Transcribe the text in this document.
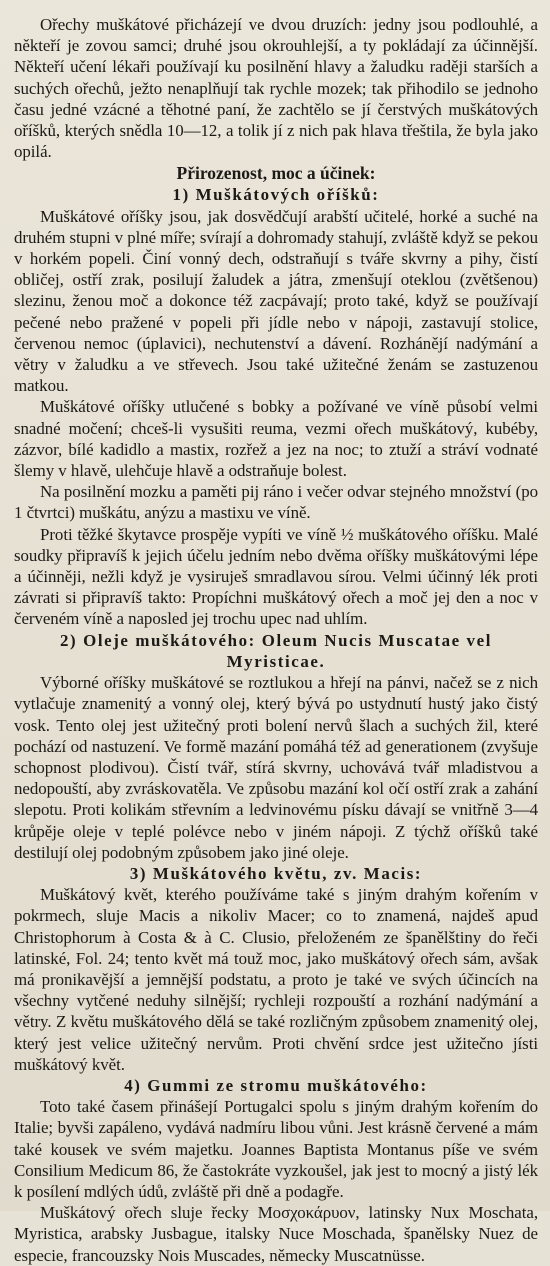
Ořechy muškátové přicházejí ve dvou druzích: jedny jsou podlouhlé, a někteří je zovou samci; druhé jsou okrouhlejší, a ty pokládají za účinnější. Někteří učení lékaři používají ku posilnění hlavy a žaludku raději starších a suchých ořechů, ježto nenaplňují tak rychle mozek; tak přihodilo se jednoho času jedné vzácné a těhotné paní, že zachtělo se jí čerstvých muškátových oříšků, kterých snědla 10—12, a tolik jí z nich pak hlava třeštila, že byla jako opilá.

Přirozenost, moc a účinek:
1) Muškátových oříšků:

Muškátové oříšky jsou, jak dosvědčují arabští učitelé, horké a suché na druhém stupni v plné míře; svírají a dohromady stahují, zvláště když se pekou v horkém popeli. Činí vonný dech, odstraňují s tváře skvrny a pihy, čistí obličej, ostří zrak, posilují žaludek a játra, zmenšují oteklou (zvětšenou) slezinu, ženou moč a dokonce též zacpávají; proto také, když se používají pečené nebo pražené v popeli při jídle nebo v nápoji, zastavují stolice, červenou nemoc (úplavici), nechutenství a dávení. Rozhánějí nadýmání a větry v žaludku a ve střevech. Jsou také užitečné ženám se zastuzenou matkou.

Muškátové oříšky utlučené s bobky a požívané ve víně působí velmi snadné močení; chceš-li vysušiti reuma, vezmi ořech muškátový, kubéby, zázvor, bílé kadidlo a mastix, rozřež a jez na noc; to ztuží a stráví vodnaté šlemy v hlavě, ulehčuje hlavě a odstraňuje bolest.

Na posilnění mozku a paměti pij ráno i večer odvar stejného množství (po 1 čtvrtci) muškátu, anýzu a mastixu ve víně.

Proti těžké škytavce prospěje vypíti ve víně ½ muškátového oříšku. Malé soudky připravíš k jejich účelu jedním nebo dvěma oříšky muškátovými lépe a účinněji, nežli když je vysiruješ smradlavou sírou. Velmi účinný lék proti závrati si připravíš takto: Propíchni muškátový ořech a moč jej den a noc v červeném víně a naposled jej trochu upec nad uhlím.

2) Oleje muškátového: Oleum Nucis Muscatae vel Myristicae.

Výborné oříšky muškátové se roztlukou a hřejí na pánvi, načež se z nich vytlačuje znamenitý a vonný olej, který bývá po ustydnutí hustý jako čistý vosk. Tento olej jest užitečný proti bolení nervů šlach a suchých žil, které pochází od nastuzení. Ve formě mazání pomáhá též ad generationem (zvyšuje schopnost plodivou). Čistí tvář, stírá skvrny, uchovává tvář mladistvou a nedopouští, aby zvráskovatěla. Ve způsobu mazání kol očí ostří zrak a zahání slepotu. Proti kolikám střevním a ledvinovému písku dávají se vnitřně 3—4 krůpěje oleje v teplé polévce nebo v jiném nápoji. Z týchž oříšků také destilují olej podobným způsobem jako jiné oleje.

3) Muškátového květu, zv. Macis:

Muškátový květ, kterého používáme také s jiným drahým kořením v pokrmech, sluje Macis a nikoliv Macer; co to znamená, najdeš apud Christophorum à Costa & à C. Clusio, přeloženém ze španělštiny do řeči latinské, Fol. 24; tento květ má touž moc, jako muškátový ořech sám, avšak má pronikavější a jemnější podstatu, a proto je také ve svých účincích na všechny vytčené neduhy silnější; rychleji rozpouští a rozhání nadýmání a větry. Z květu muškátového dělá se také rozličným způsobem znamenitý olej, který jest velice užitečný nervům. Proti chvění srdce jest užitečno jísti muškátový květ.

4) Gummi ze stromu muškátového:

Toto také časem přinášejí Portugalci spolu s jiným drahým kořením do Italie; byvši zapáleno, vydává nadmíru libou vůni. Jest krásně červené a mám také kousek ve svém majetku. Joannes Baptista Montanus píše ve svém Consilium Medicum 86, že častokráte vyzkoušel, jak jest to mocný a jistý lék k posílení mdlých údů, zvláště při dně a podagře.

Muškátový ořech sluje řecky Μοσχοκάρυον, latinsky Nux Moschata, Myristica, arabsky Jusbague, italsky Nuce Moschada, španělsky Nuez de especie, francouzsky Nois Muscades, německy Muscatnüsse.
